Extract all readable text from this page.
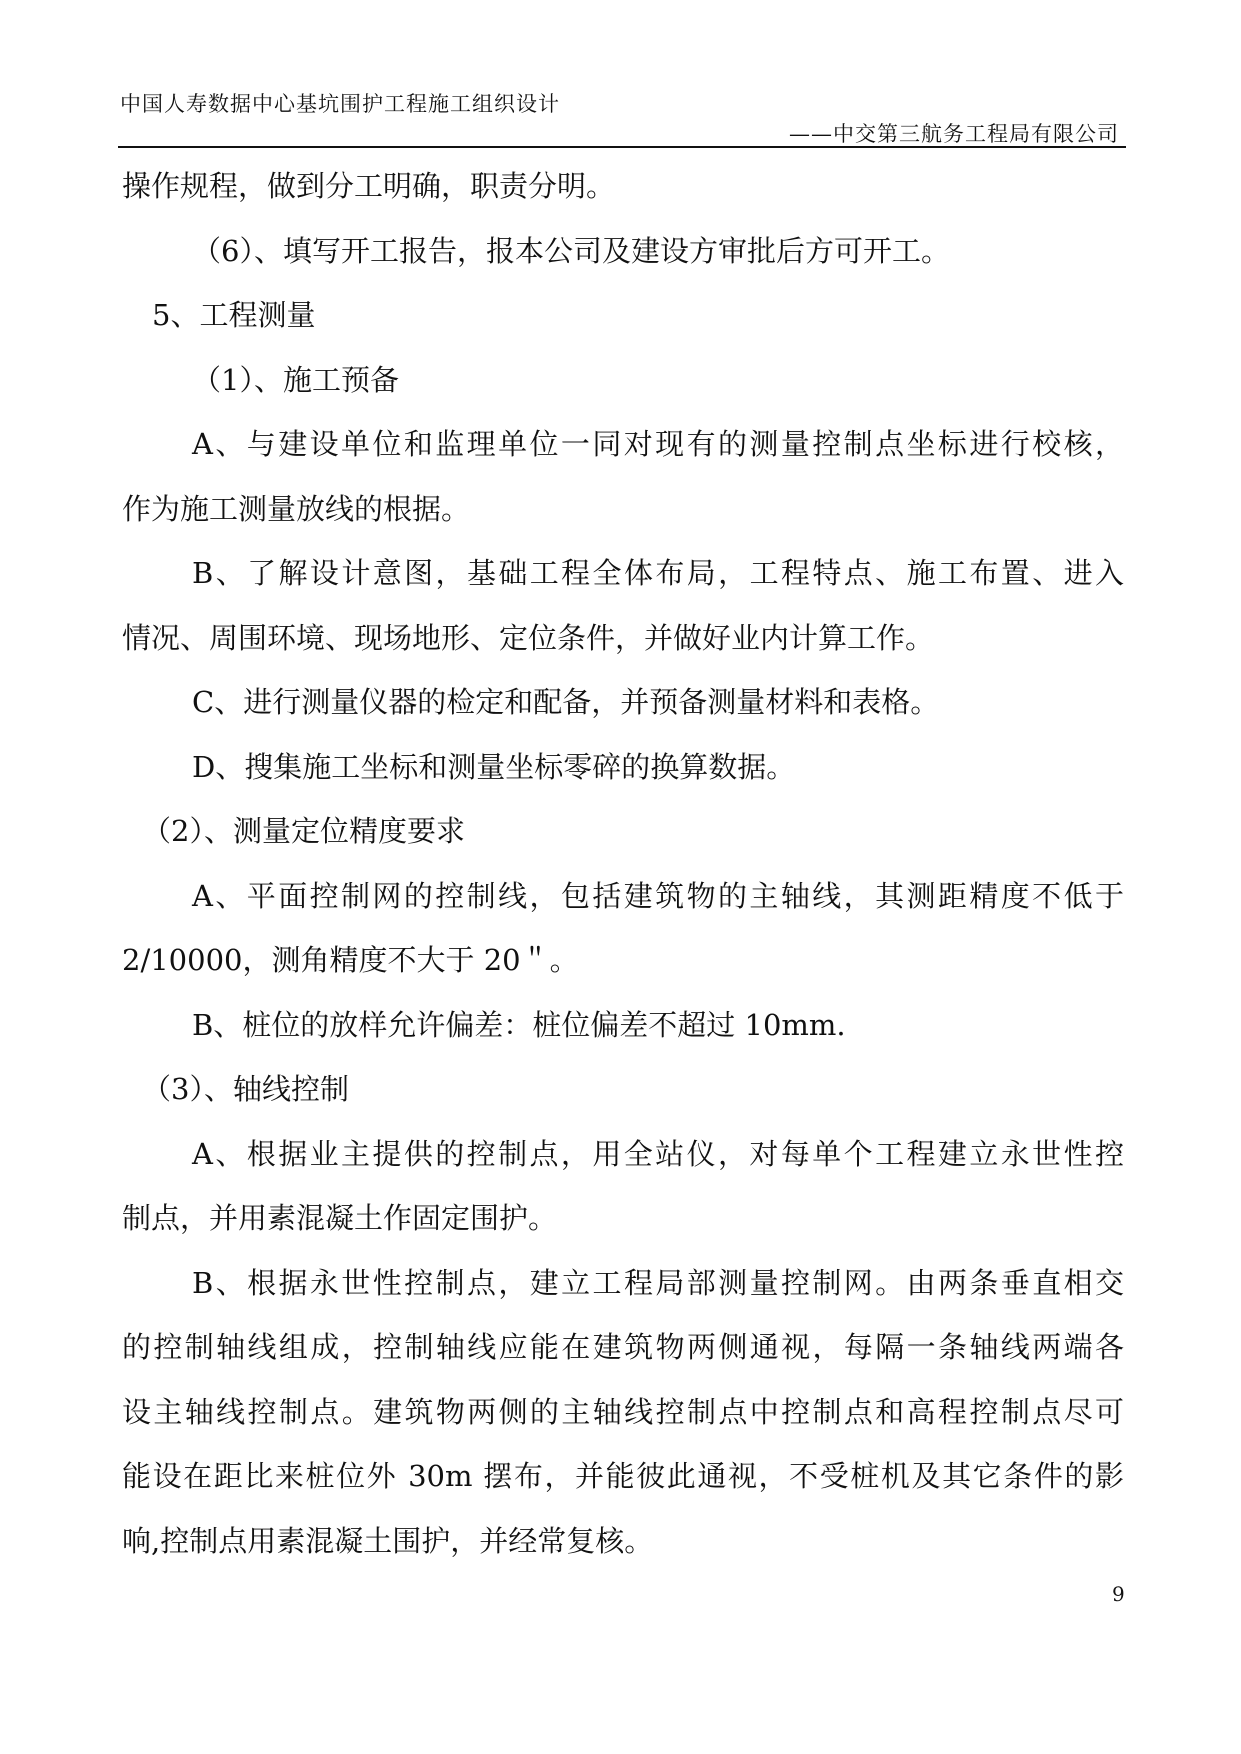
中国人寿数据中心基坑围护工程施工组织设计
——中交第三航务工程局有限公司
操作规程，做到分工明确，职责分明。
（6）、填写开工报告，报本公司及建设方审批后方可开工。
5、工程测量
（1）、施工预备
A、与建设单位和监理单位一同对现有的测量控制点坐标进行校核，
作为施工测量放线的根据。
B、了解设计意图，基础工程全体布局，工程特点、施工布置、进入
情况、周围环境、现场地形、定位条件，并做好业内计算工作。
C、进行测量仪器的检定和配备，并预备测量材料和表格。
D、搜集施工坐标和测量坐标零碎的换算数据。
（2）、测量定位精度要求
A、平面控制网的控制线，包括建筑物的主轴线，其测距精度不低于
2/10000，测角精度不大于 20＂。
B、桩位的放样允许偏差：桩位偏差不超过 10mm.
（3）、轴线控制
A、根据业主提供的控制点，用全站仪，对每单个工程建立永世性控
制点，并用素混凝土作固定围护。
B、根据永世性控制点，建立工程局部测量控制网。由两条垂直相交
的控制轴线组成，控制轴线应能在建筑物两侧通视，每隔一条轴线两端各
设主轴线控制点。建筑物两侧的主轴线控制点中控制点和高程控制点尽可
能设在距比来桩位外 30m 摆布，并能彼此通视，不受桩机及其它条件的影
响,控制点用素混凝土围护，并经常复核。
9
